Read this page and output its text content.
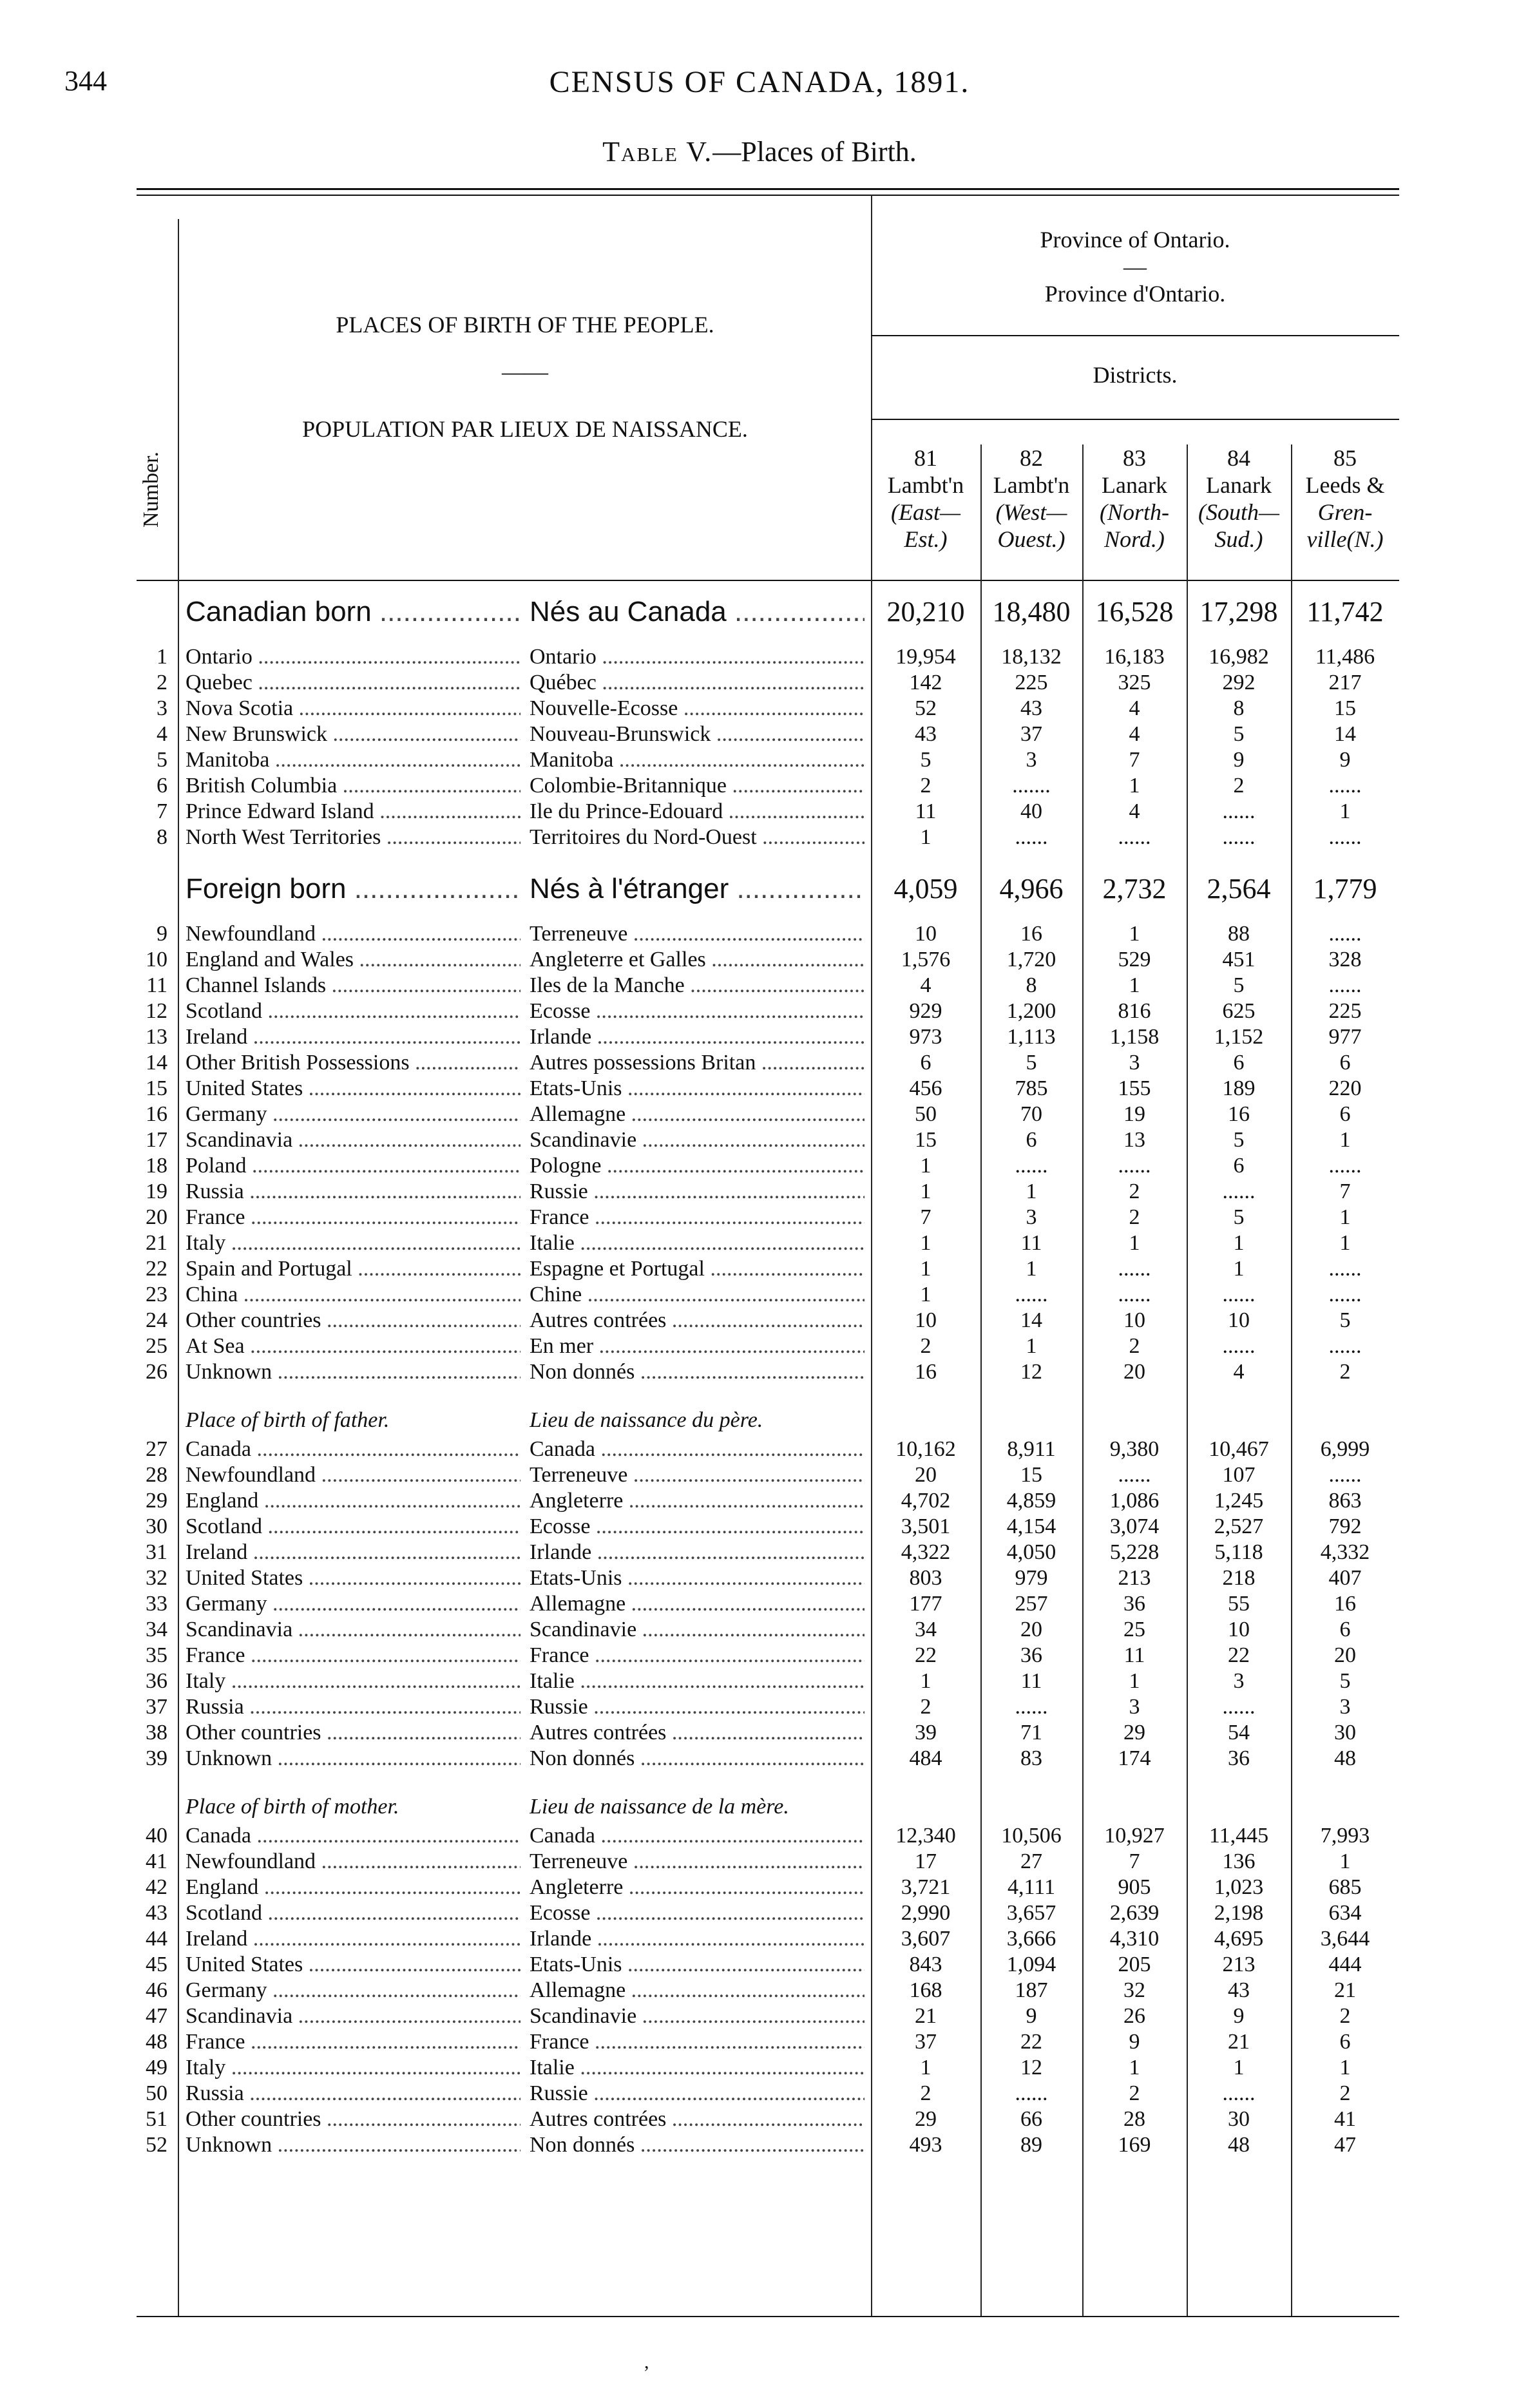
344	CENSUS OF CANADA, 1891.
Table V.—Places of Birth.
Number.
PLACES OF BIRTH OF THE PEOPLE.
——
POPULATION PAR LIEUX DE NAISSANCE.
Province of Ontario.
—
Province d'Ontario.
Districts.
81
Lambt'n
(East—
Est.)
82
Lambt'n
(West—
Ouest.)
83
Lanark
(North-
Nord.)
84
Lanark
(South—
Sud.)
85
Leeds &
Gren-
ville(N.)
Canadian born .....	Nés au Canada .....	20,210 18,480 16,528 17,298	11,742
1 Ontario .....	Ontario .....	19,954	18,132	16,183	16,982	11,486
2 Quebec .....	Québec .....	142	225	325	292	217
3 Nova Scotia .....	Nouvelle-Ecosse .....	52	43	4	8	15
4 New Brunswick .....	Nouveau-Brunswick .....	43	37	4	5	14
5 Manitoba .....	Manitoba .....	5	3	7	9	9
6 British Columbia .....	Colombie-Britannique .....	2	.......	1	2	......
7 Prince Edward Island .....	Ile du Prince-Edouard .....	11	40	4	......	1
8 North West Territories .....	Territoires du Nord-Ouest .....	1	......	......	......	......
Foreign born .....	Nés à l'étranger .....	4,059	4,966	2,732	2,564	1,779
9 Newfoundland .....	Terreneuve .....	10	16	1	88	......
10 England and Wales .....	Angleterre et Galles .....	1,576	1,720	529	451	328
11 Channel Islands .....	Iles de la Manche .....	4	8	1	5	......
12 Scotland .....	Ecosse .....	929	1,200	816	625	225
13 Ireland .....	Irlande .....	973	1,113	1,158	1,152	977
14 Other British Possessions .....	Autres possessions Britan .....	6	5	3	6	6
15 United States .....	Etats-Unis .....	456	785	155	189	220
16 Germany .....	Allemagne .....	50	70	19	16	6
17 Scandinavia .....	Scandinavie .....	15	6	13	5	1
18 Poland .....	Pologne .....	1	......	......	6	......
19 Russia .....	Russie .....	1	1	2	......	7
20 France .....	France .....	7	3	2	5	1
21 Italy .....	Italie .....	1	11	1	1	1
22 Spain and Portugal .....	Espagne et Portugal .....	1	1	......	1	......
23 China .....	Chine .....	1	......	......	......	......
24 Other countries .....	Autres contrées .....	10	14	10	10	5
25 At Sea .....	En mer .....	2	1	2	......	......
26 Unknown .....	Non donnés .....	16	12	20	4	2
Place of birth of father.	Lieu de naissance du père.
27 Canada .....	Canada .....	10,162	8,911	9,380	10,467	6,999
28 Newfoundland .....	Terreneuve .....	20	15	......	107	......
29 England .....	Angleterre .....	4,702	4,859	1,086	1,245	863
30 Scotland .....	Ecosse .....	3,501	4,154	3,074	2,527	792
31 Ireland .....	Irlande .....	4,322	4,050	5,228	5,118	4,332
32 United States .....	Etats-Unis .....	803	979	213	218	407
33 Germany .....	Allemagne .....	177	257	36	55	16
34 Scandinavia .....	Scandinavie .....	34	20	25	10	6
35 France .....	France .....	22	36	11	22	20
36 Italy .....	Italie .....	1	11	1	3	5
37 Russia .....	Russie .....	2	......	3	......	3
38 Other countries .....	Autres contrées .....	39	71	29	54	30
39 Unknown .....	Non donnés .....	484	83	174	36	48
Place of birth of mother.	Lieu de naissance de la mère.
40 Canada .....	Canada .....	12,340	10,506	10,927	11,445	7,993
41 Newfoundland .....	Terreneuve .....	17	27	7	136	1
42 England .....	Angleterre .....	3,721	4,111	905	1,023	685
43 Scotland .....	Ecosse .....	2,990	3,657	2,639	2,198	634
44 Ireland .....	Irlande .....	3,607	3,666	4,310	4,695	3,644
45 United States .....	Etats-Unis .....	843	1,094	205	213	444
46 Germany .....	Allemagne .....	168	187	32	43	21
47 Scandinavia .....	Scandinavie .....	21	9	26	9	2
48 France .....	France .....	37	22	9	21	6
49 Italy .....	Italie .....	1	12	1	1	1
50 Russia .....	Russie .....	2	......	2	......	2
51 Other countries .....	Autres contrées .....	29	66	28	30	41
52 Unknown .....	Non donnés .....	493	89	169	48	47
,
